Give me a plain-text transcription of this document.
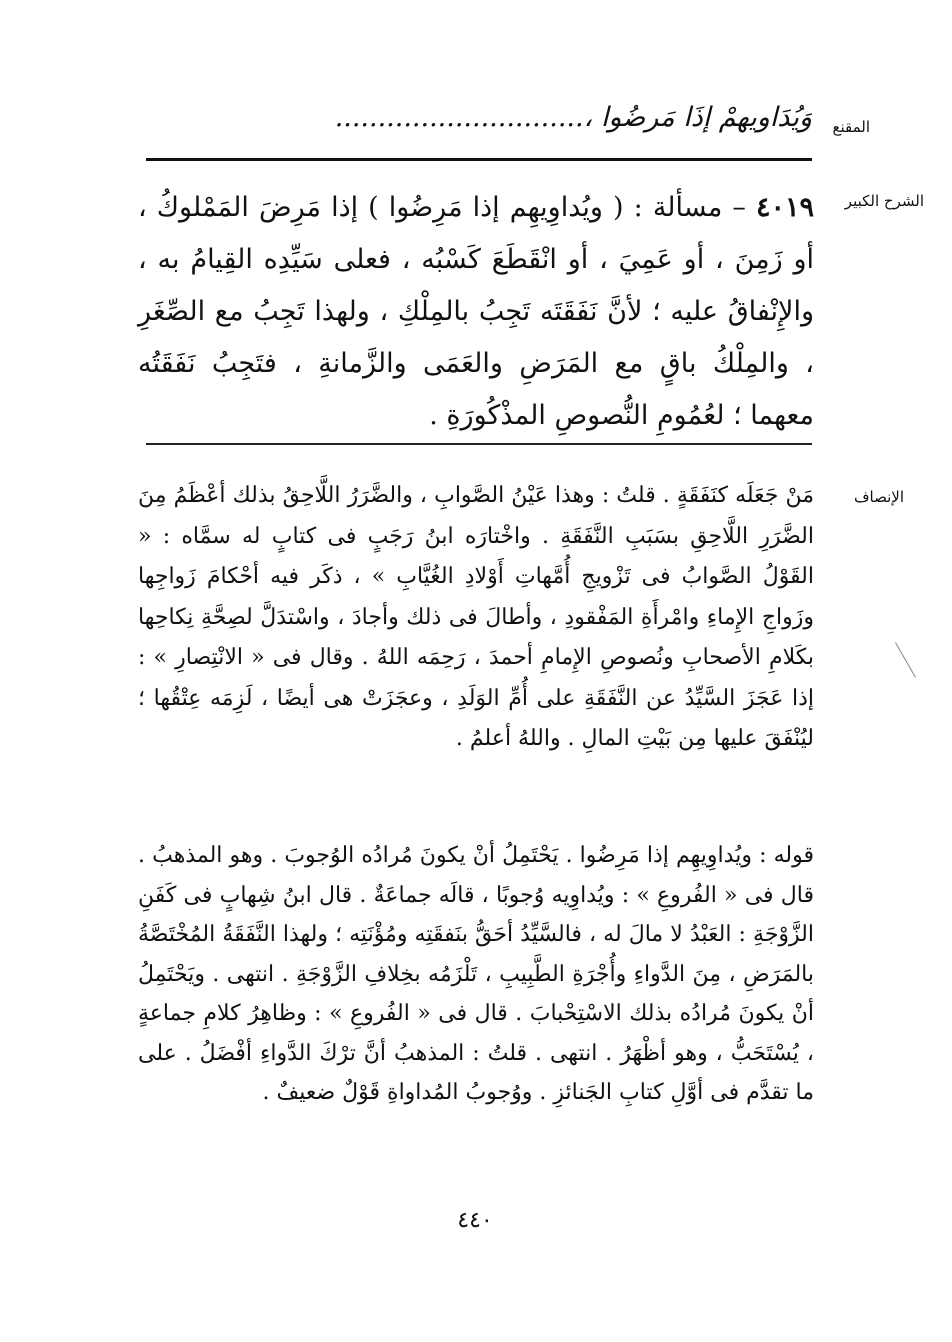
المقنع
وَيُدَاوِيهِمْ إِذَا مَرِضُوا ،.............................
الشرح الكبير

٤٠١٩ – مسألة : ( ويُداوِيهِم إذا مَرِضُوا ) إذا مَرِضَ المَمْلوكُ ، أو زَمِنَ ، أو عَمِيَ ، أو انْقَطَعَ كَسْبُه ، فعلى سَيِّدِه القِيامُ به ، والإِنْفاقُ عليه ؛ لأنَّ نَفَقَتَه تَجِبُ بالمِلْكِ ، ولهذا تَجِبُ مع الصِّغَرِ ، والمِلْكُ باقٍ مع المَرَضِ والعَمَى والزَّمانةِ ، فتَجِبُ نَفَقَتُه معهما ؛ لعُمُومِ النُّصوصِ المذْكُورَةِ .

الإنصاف

مَنْ جَعَلَه كنَفَقَةٍ . قلتُ : وهذا عَيْنُ الصَّوابِ ، والضَّرَرُ اللَّاحِقُ بذلك أعْظَمُ مِنَ الضَّرَرِ اللَّاحِقِ بسَبَبِ النَّفَقَةِ . واخْتارَه ابنُ رَجَبٍ فى كتابٍ له سمَّاه : « القَوْلُ الصَّوابُ فى تَزْويجِ أُمَّهاتِ أَوْلادِ الغُيَّابِ » ، ذكَر فيه أحْكامَ زَواجِها وزَواجِ الإِماءِ وامْرأَةِ المَفْقودِ ، وأطالَ فى ذلك وأجادَ ، واسْتدَلَّ لصِحَّةِ نِكاحِها بكَلامِ الأصحابِ ونُصوصِ الإِمامِ أحمدَ ، رَحِمَه اللهُ . وقال فى « الانْتِصارِ » : إذا عَجَزَ السَّيِّدُ عن النَّفَقَةِ على أُمِّ الوَلَدِ ، وعجَزَتْ هى أيضًا ، لَزِمَه عِتْقُها ؛ ليُنْفَقَ عليها مِن بَيْتِ المالِ . واللهُ أعلمُ .

قوله : ويُداوِيهِم إذا مَرِضُوا . يَحْتَمِلُ أنْ يكونَ مُرادُه الوُجوبَ . وهو المذهبُ . قال فى « الفُروعِ » : ويُداوِيه وُجوبًا ، قالَه جماعَةٌ . قال ابنُ شِهابٍ فى كَفَنِ الزَّوْجَةِ : العَبْدُ لا مالَ له ، فالسَّيِّدُ أحَقُّ بنَفقَتِه ومُؤْنَتِه ؛ ولهذا النَّفَقَةُ المُخْتَصَّةُ بالمَرَضِ ، مِنَ الدَّواءِ وأُجْرَةِ الطَّبِيبِ ، تَلْزَمُه بخِلافِ الزَّوْجَةِ . انتهى . ويَحْتَمِلُ أنْ يكونَ مُرادُه بذلك الاسْتِحْبابَ . قال فى « الفُروعِ » : وظاهِرُ كلامِ جماعةٍ ، يُسْتَحَبُّ ، وهو أظْهَرُ . انتهى . قلتُ : المذهبُ أنَّ ترْكَ الدَّواءِ أفْضَلُ . على ما تقدَّم فى أوَّلِ كتابِ الجَنائزِ . ووُجوبُ المُداواةِ قَوْلٌ ضعيفٌ .

٤٤٠
